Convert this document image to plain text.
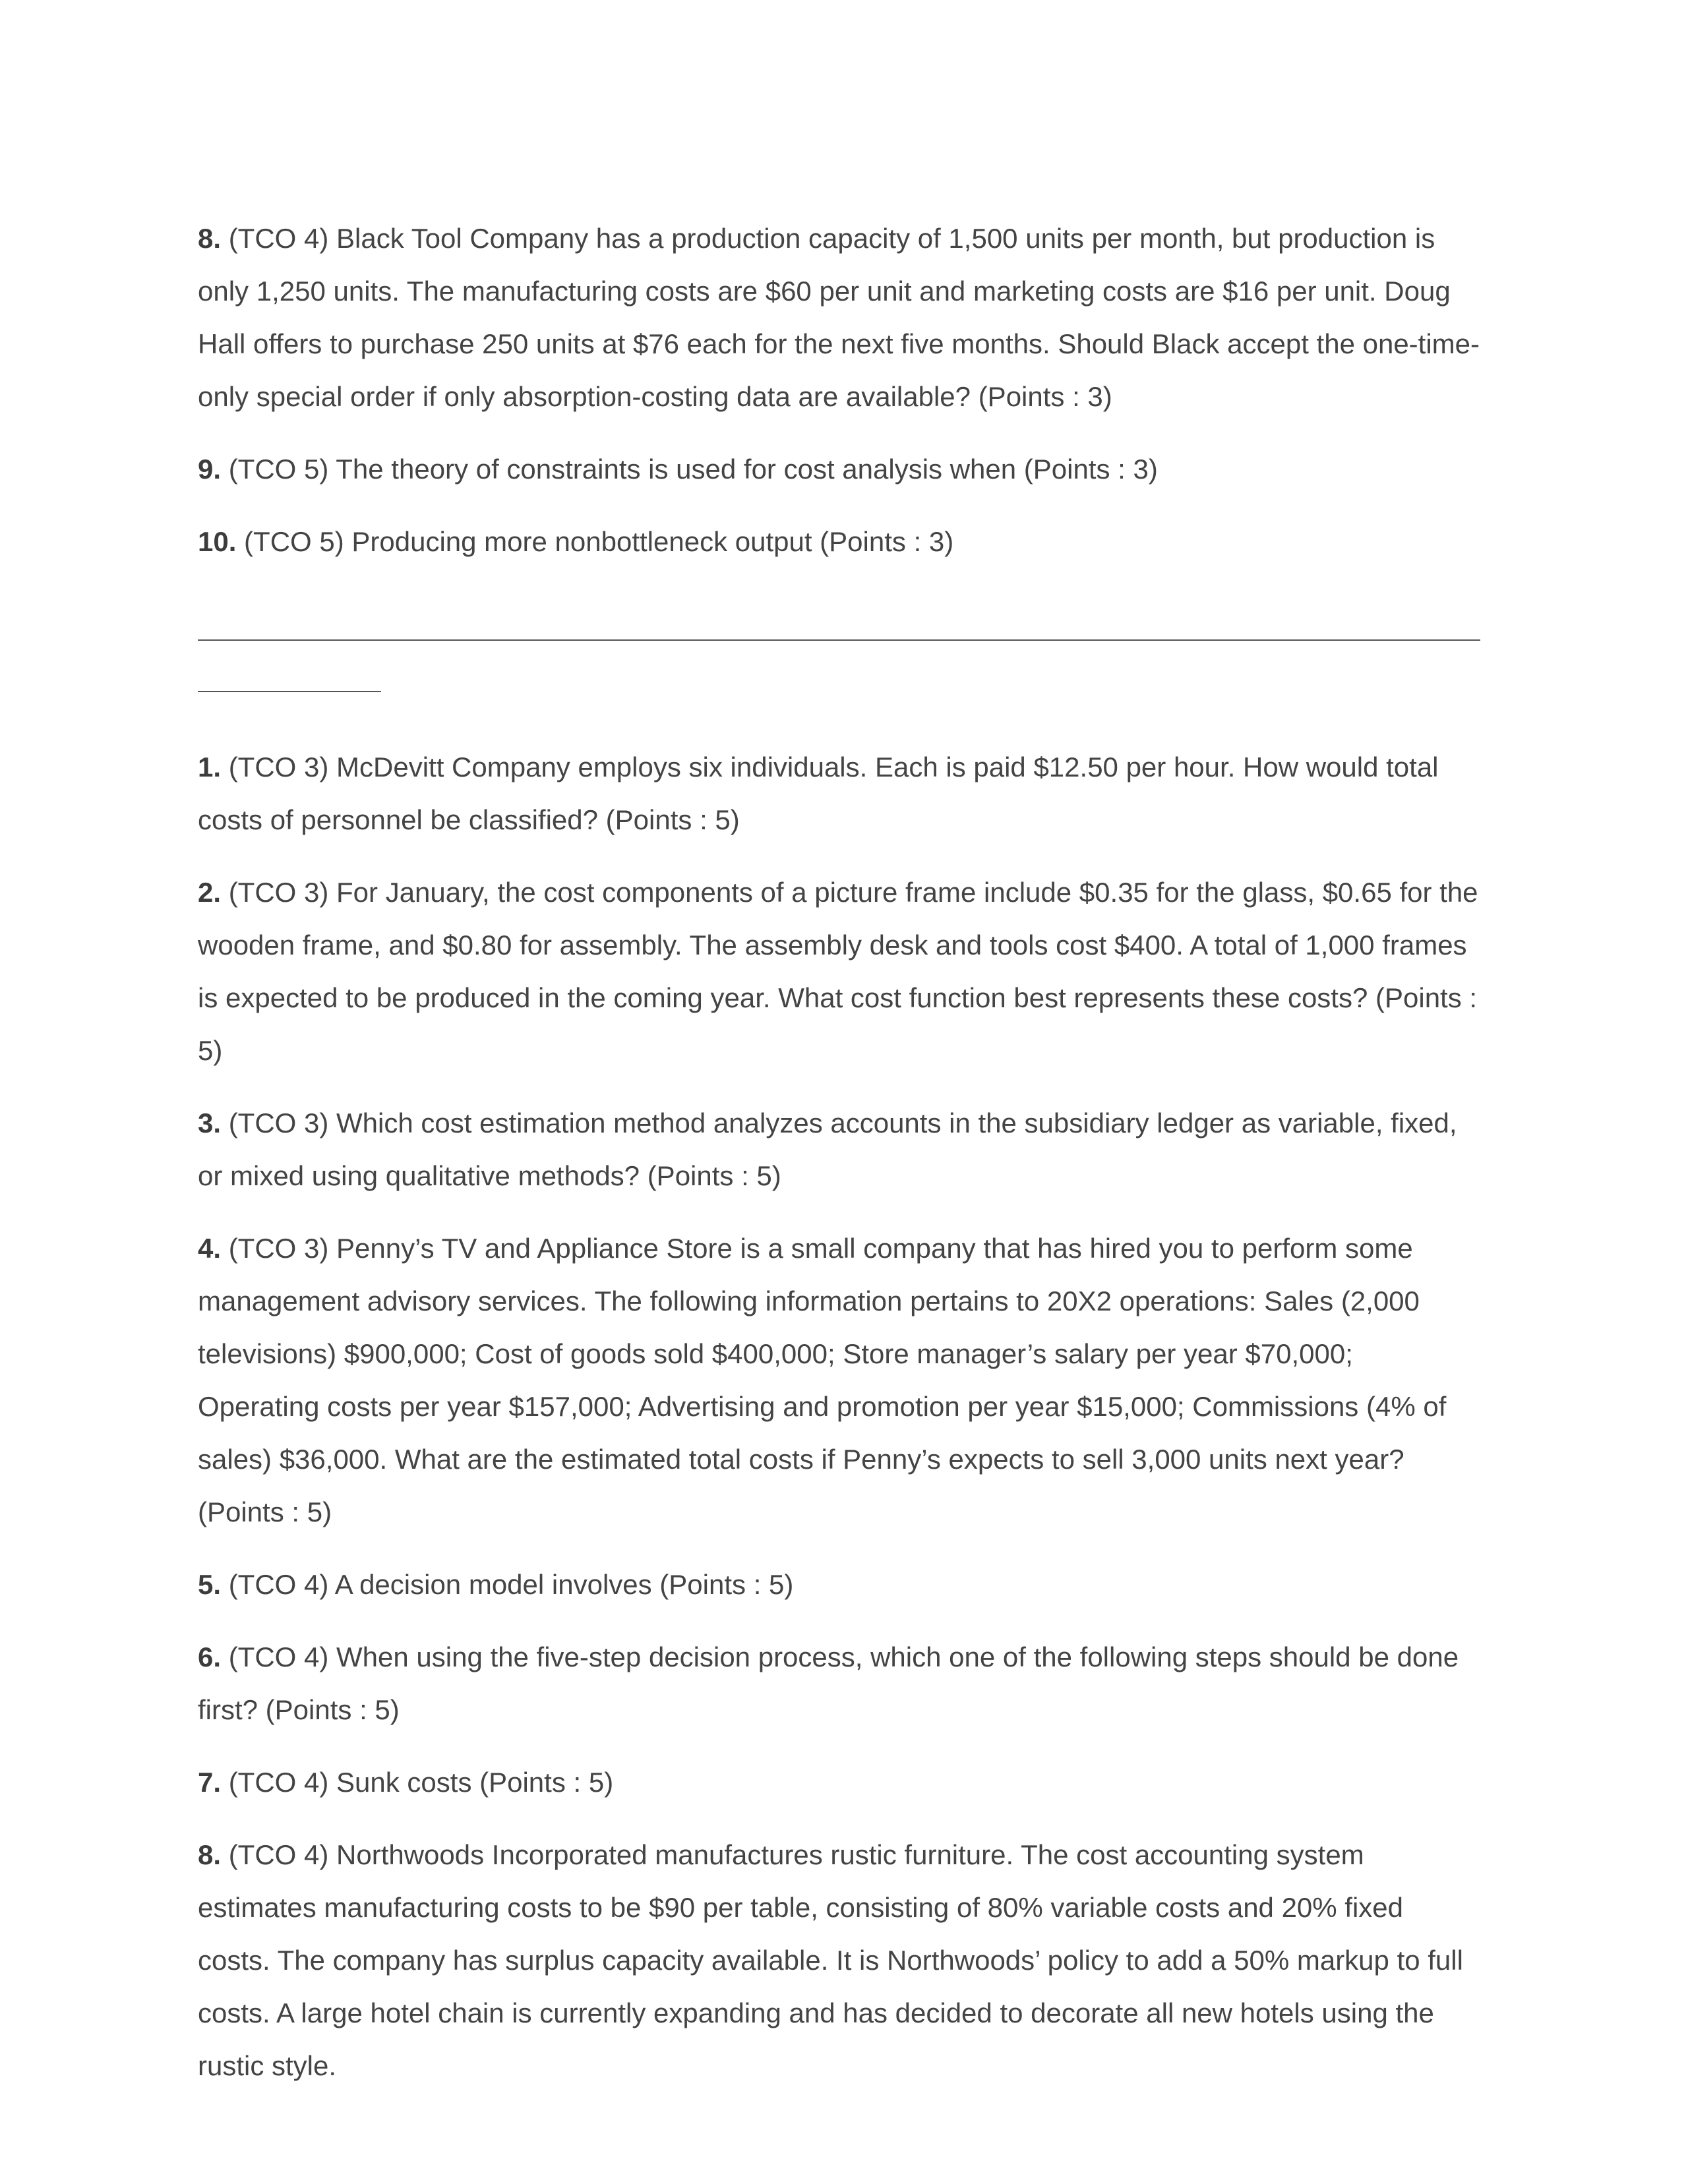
8. (TCO 4) Black Tool Company has a production capacity of 1,500 units per month, but production is only 1,250 units. The manufacturing costs are $60 per unit and marketing costs are $16 per unit. Doug Hall offers to purchase 250 units at $76 each for the next five months. Should Black accept the one-time-only special order if only absorption-costing data are available? (Points : 3)

9. (TCO 5) The theory of constraints is used for cost analysis when (Points : 3)

10. (TCO 5) Producing more nonbottleneck output (Points : 3)

1. (TCO 3) McDevitt Company employs six individuals. Each is paid $12.50 per hour. How would total costs of personnel be classified? (Points : 5)

2. (TCO 3) For January, the cost components of a picture frame include $0.35 for the glass, $0.65 for the wooden frame, and $0.80 for assembly. The assembly desk and tools cost $400. A total of 1,000 frames is expected to be produced in the coming year. What cost function best represents these costs? (Points : 5)

3. (TCO 3) Which cost estimation method analyzes accounts in the subsidiary ledger as variable, fixed, or mixed using qualitative methods? (Points : 5)

4. (TCO 3) Penny’s TV and Appliance Store is a small company that has hired you to perform some management advisory services. The following information pertains to 20X2 operations: Sales (2,000 televisions) $900,000; Cost of goods sold $400,000; Store manager’s salary per year $70,000; Operating costs per year $157,000; Advertising and promotion per year $15,000; Commissions (4% of sales) $36,000. What are the estimated total costs if Penny’s expects to sell 3,000 units next year? (Points : 5)

5. (TCO 4) A decision model involves (Points : 5)

6. (TCO 4) When using the five-step decision process, which one of the following steps should be done first? (Points : 5)

7. (TCO 4) Sunk costs (Points : 5)

8. (TCO 4) Northwoods Incorporated manufactures rustic furniture. The cost accounting system estimates manufacturing costs to be $90 per table, consisting of 80% variable costs and 20% fixed costs. The company has surplus capacity available. It is Northwoods’ policy to add a 50% markup to full costs. A large hotel chain is currently expanding and has decided to decorate all new hotels using the rustic style.
